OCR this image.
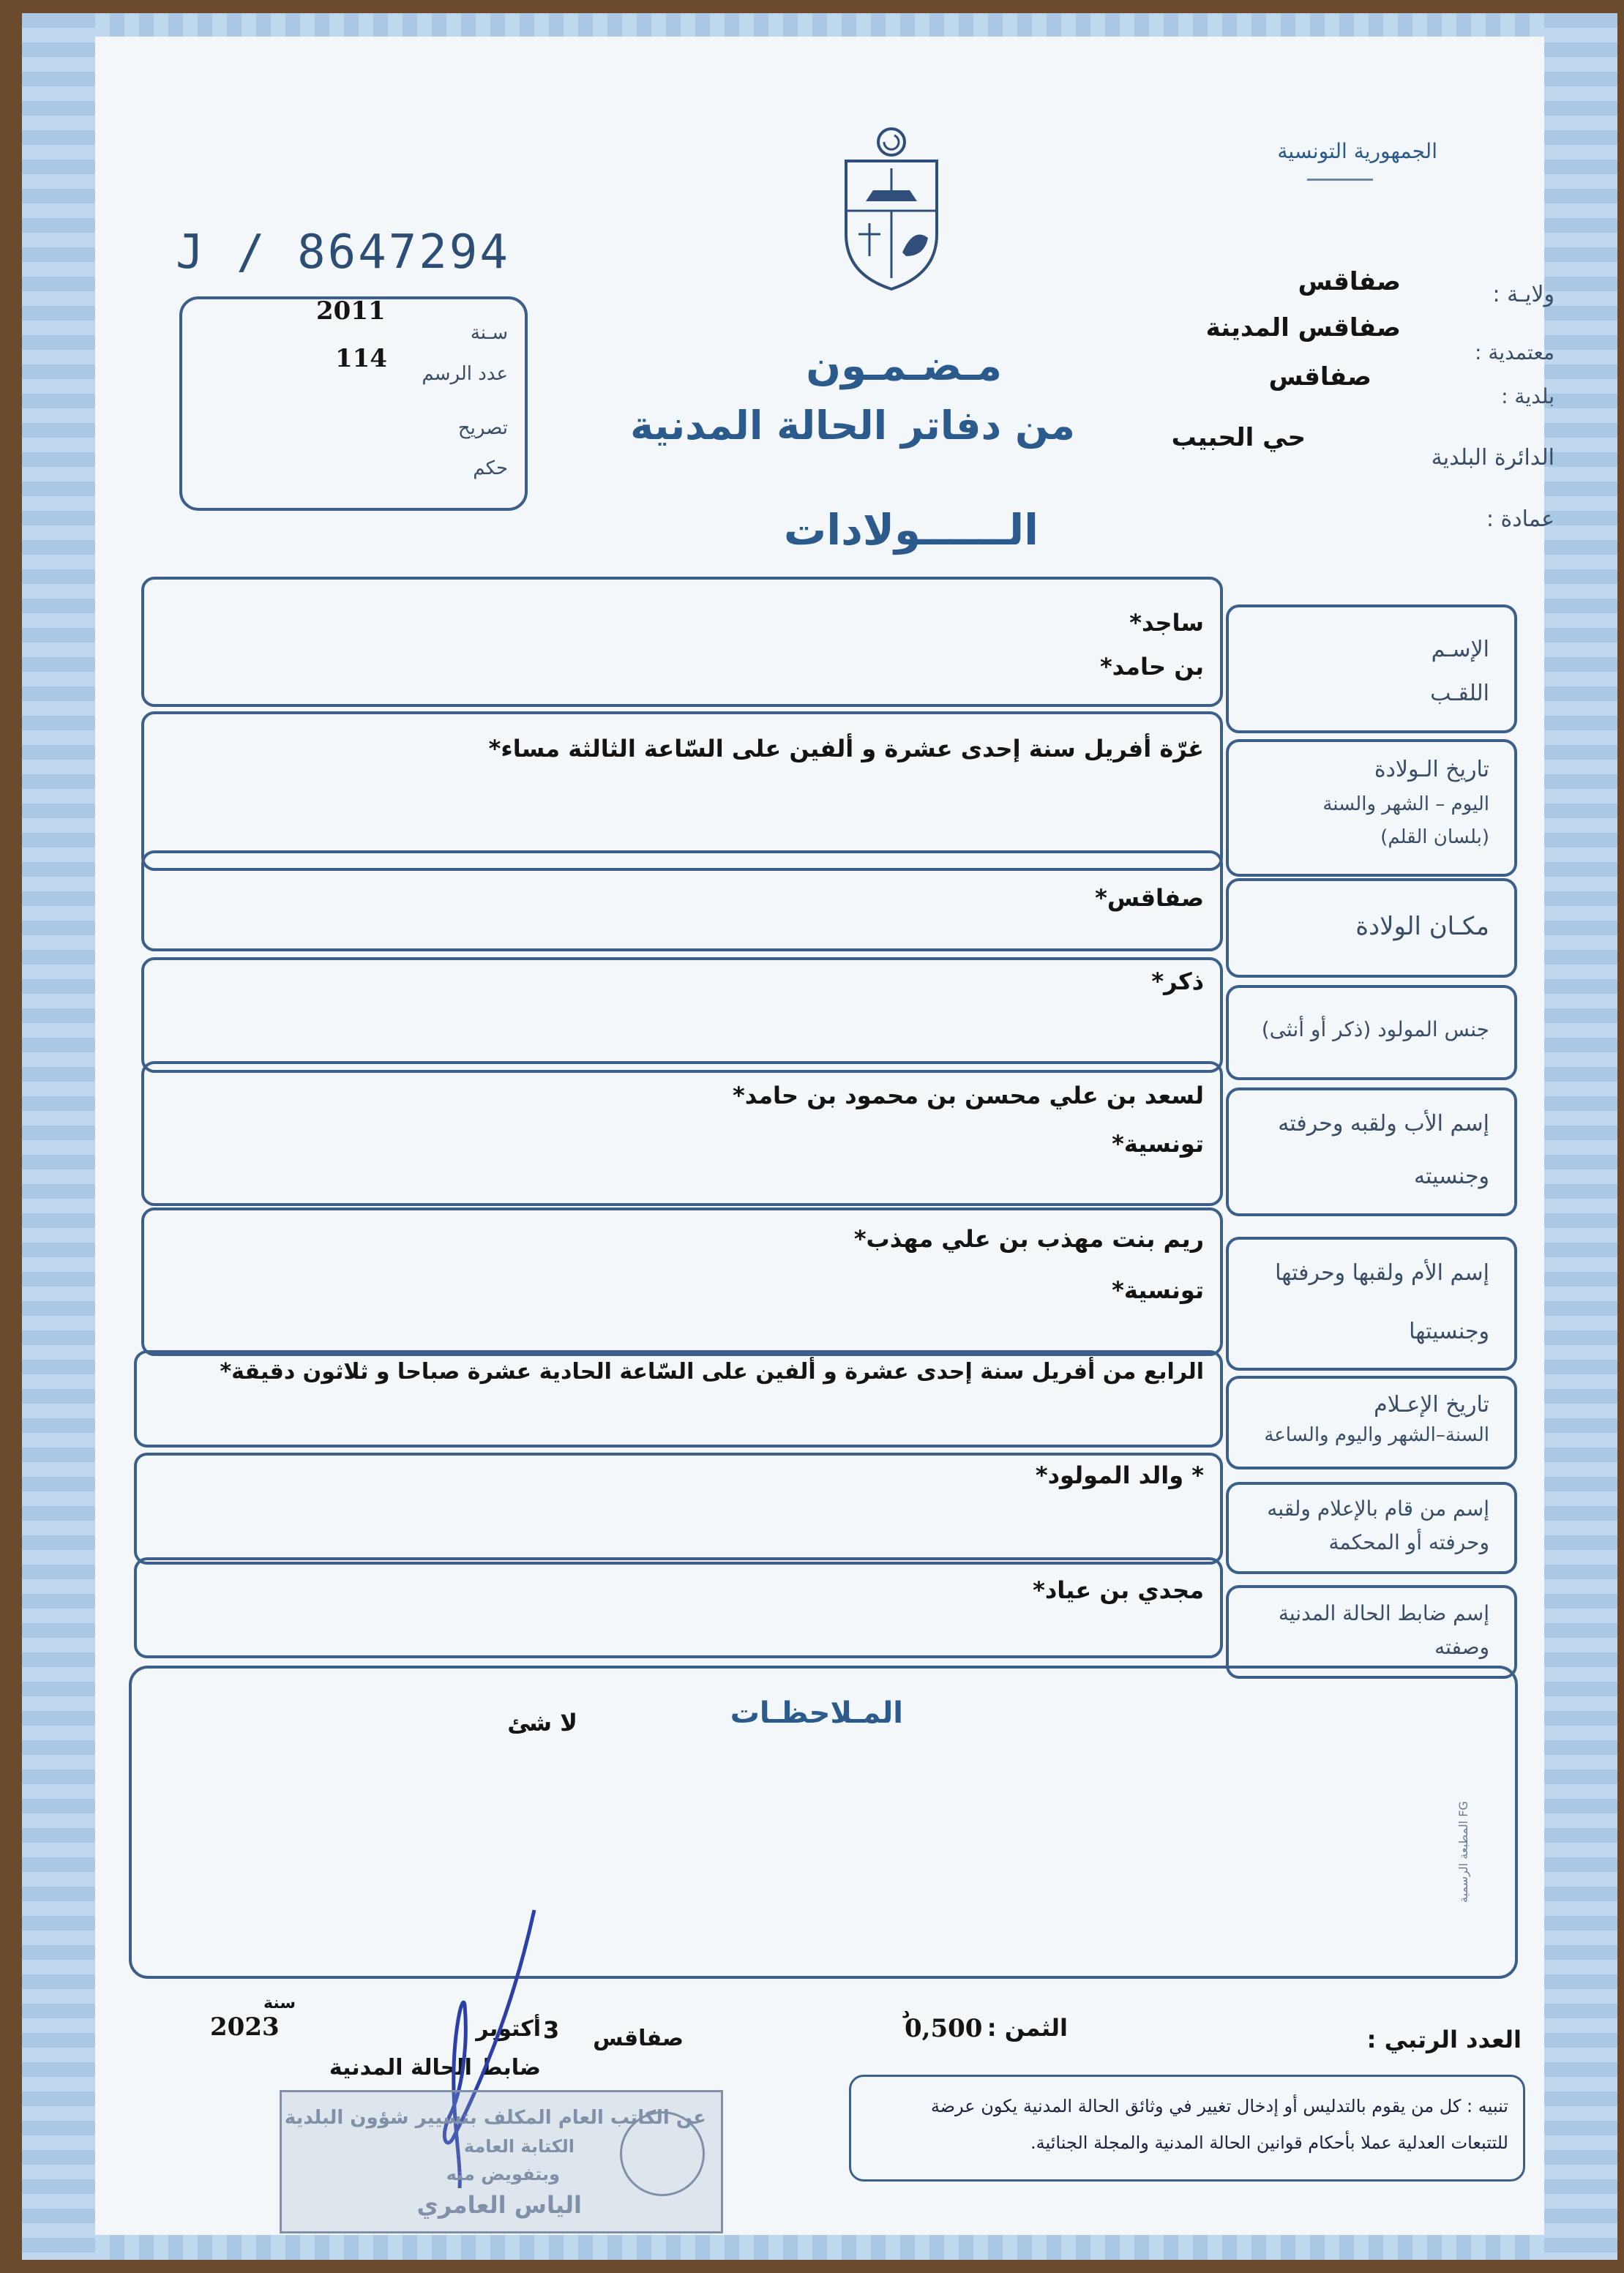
الجمهورية التونسية
J / 8647294
ولايـة :
صفاقس
معتمدية :
صفاقس المدينة
بلدية :
صفاقس
الدائرة البلدية
حي الحبيب
عمادة :
سـنة
2011
عدد الرسم
114
تصريح
حكم
مـضـمـون
من دفاتر الحالة المدنية
الــــــولادات
ساجد*
بن حامد*
الإسـم
اللقـب
غرّة أفريل سنة إحدى عشرة و ألفين على السّاعة الثالثة مساء*
تاريخ الـولادة
اليوم – الشهر والسنة
(بلسان القلم)
صفاقس*
مكـان الولادة
ذكر*
جنس المولود (ذكر أو أنثى)
لسعد بن علي محسن بن محمود بن حامد*
تونسية*
إسم الأب ولقبه وحرفته
وجنسيته
ريم بنت مهذب بن علي مهذب*
تونسية*
إسم الأم ولقبها وحرفتها
وجنسيتها
الرابع من أفريل سنة إحدى عشرة و ألفين على السّاعة الحادية عشرة صباحا و ثلاثون دقيقة*
تاريخ الإعـلام
السنة–الشهر واليوم والساعة
* والد المولود*
إسم من قام بالإعلام ولقبه
وحرفته أو المحكمة
مجدي بن عياد*
إسم ضابط الحالة المدنية
وصفته
المـلاحظـات
لا شئ
العدد الرتبي :
الثمن :
0,500
د
صفاقس
3
أكتوبر
سنة
2023
ضابط الحالة المدنية
عن الكاتب العام المكلف بتسيير شؤون البلدية
الكتابة العامة
وبتفويض منه
الياس العامري
تنبيه : كل من يقوم بالتدليس أو إدخال تغيير في وثائق الحالة المدنية يكون عرضة
للتتبعات العدلية عملا بأحكام قوانين الحالة المدنية والمجلة الجنائية.
المطبعة الرسمية FG
